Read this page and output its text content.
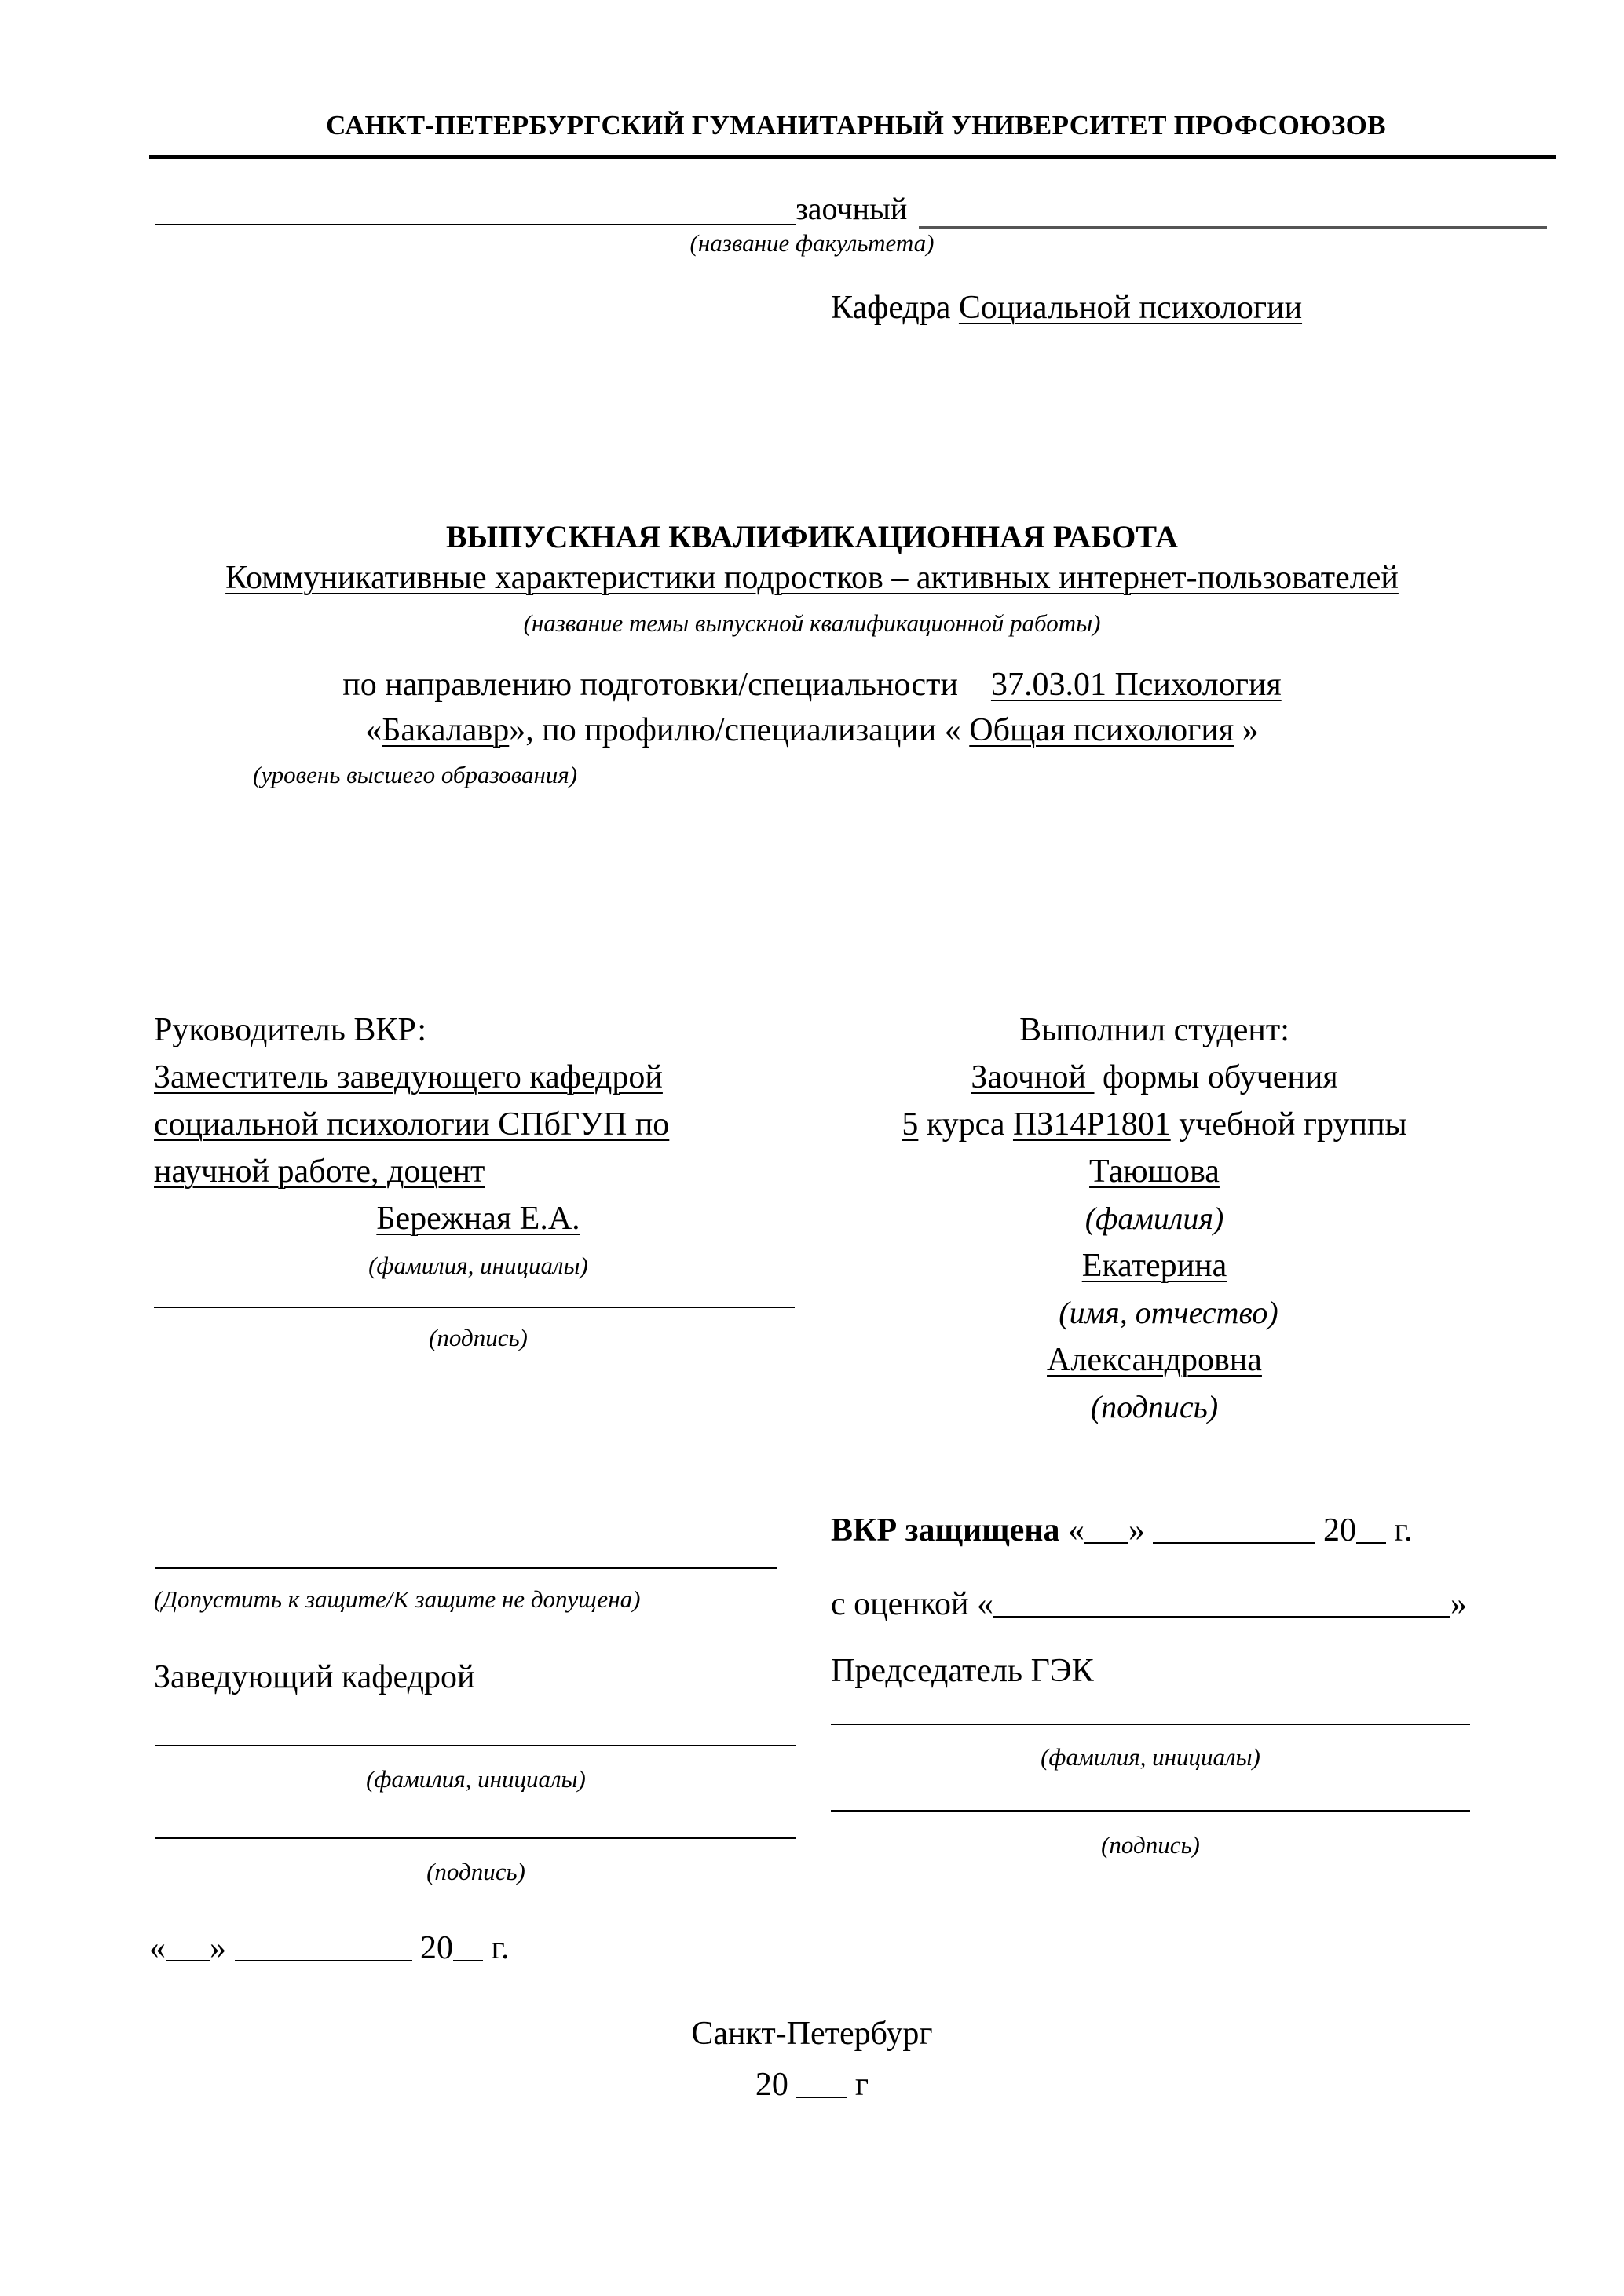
САНКТ-ПЕТЕРБУРГСКИЙ ГУМАНИТАРНЫЙ УНИВЕРСИТЕТ ПРОФСОЮЗОВ
заочный
(название факультета)
Кафедра Социальной психологии
ВЫПУСКНАЯ КВАЛИФИКАЦИОННАЯ РАБОТА
Коммуникативные характеристики подростков – активных интернет-пользователей
(название темы выпускной квалификационной работы)
по направлению подготовки/специальности 37.03.01 Психология
«Бакалавр», по профилю/специализации « Общая психология »
(уровень высшего образования)
Руководитель ВКР:
Заместитель заведующего кафедрой
социальной психологии СПбГУП по
научной работе, доцент
Бережная Е.А.
(фамилия, инициалы)
(подпись)
Выполнил студент:
Заочной  формы обучения
5 курса ПЗ14Р1801 учебной группы
Таюшова
(фамилия)
Екатерина
(имя, отчество)
Александровна
(подпись)
(Допустить к защите/К защите не допущена)
Заведующий кафедрой
(фамилия, инициалы)
(подпись)
« »	20 г.
ВКР защищена « »	20 г.
с оценкой «	»
Председатель ГЭК
(фамилия, инициалы)
(подпись)
Санкт-Петербург
20 г
